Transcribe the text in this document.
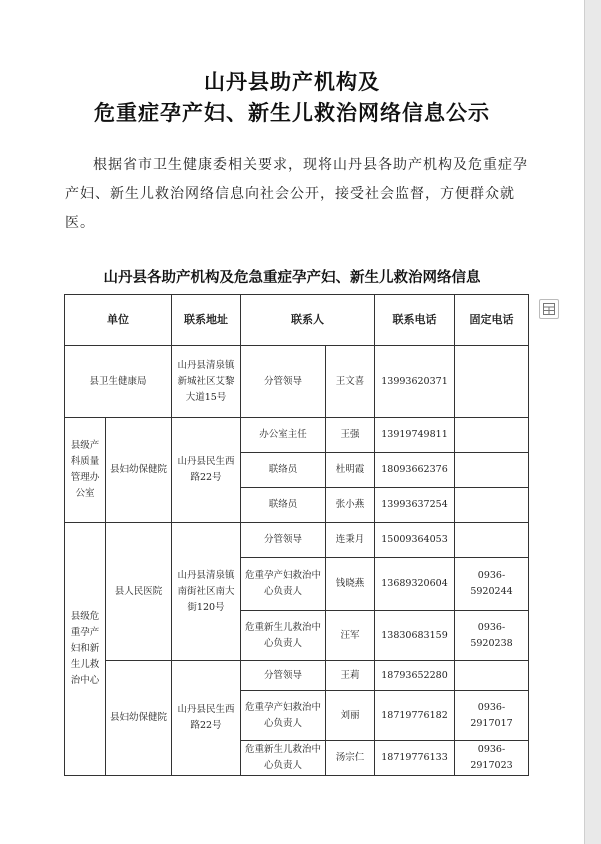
山丹县助产机构及
危重症孕产妇、新生儿救治网络信息公示
根据省市卫生健康委相关要求，现将山丹县各助产机构及危重症孕产妇、新生儿救治网络信息向社会公开，接受社会监督，方便群众就医。
山丹县各助产机构及危急重症孕产妇、新生儿救治网络信息
单位		联系地址	联系人		联系电话	固定电话
县卫生健康局		山丹县清泉镇新城社区艾黎大道15号	分管领导	王文喜	13993620371	
县级产科质量管理办公室	县妇幼保健院	山丹县民生西路22号	办公室主任	王强	13919749811	
			联络员	杜明霞	18093662376	
			联络员	张小燕	13993637254	
县级危重孕产妇和新生儿救治中心	县人民医院	山丹县清泉镇南街社区南大街120号	分管领导	连秉月	15009364053	
			危重孕产妇救治中心负责人	钱晓燕	13689320604	0936-5920244
			危重新生儿救治中心负责人	汪军	13830683159	0936-5920238
	县妇幼保健院	山丹县民生西路22号	分管领导	王莉	18793652280	
			危重孕产妇救治中心负责人	刘丽	18719776182	0936-2917017
			危重新生儿救治中心负责人	汤宗仁	18719776133	0936-2917023
